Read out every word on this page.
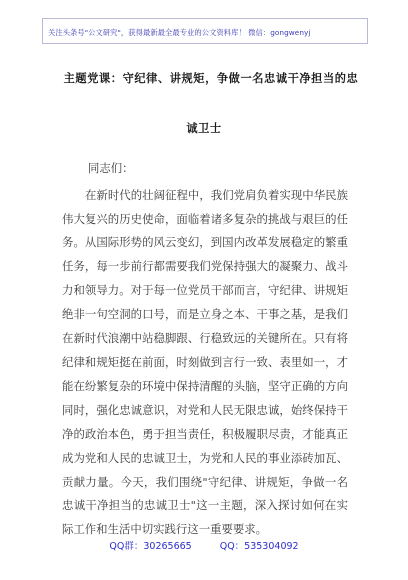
关注头条号"公文研究"，获得最新最全最专业的公文资料库！ 微信：gongwenyj
主题党课：守纪律、讲规矩，争做一名忠诚干净担当的忠
诚卫士
同志们：
在新时代的壮阔征程中，我们党肩负着实现中华民族
伟大复兴的历史使命，面临着诸多复杂的挑战与艰巨的任
务。从国际形势的风云变幻，到国内改革发展稳定的繁重
任务，每一步前行都需要我们党保持强大的凝聚力、战斗
力和领导力。对于每一位党员干部而言，守纪律、讲规矩
绝非一句空洞的口号，而是立身之本、干事之基，是我们
在新时代浪潮中站稳脚跟、行稳致远的关键所在。只有将
纪律和规矩挺在前面，时刻做到言行一致、表里如一，才
能在纷繁复杂的环境中保持清醒的头脑，坚守正确的方向
同时，强化忠诚意识，对党和人民无限忠诚，始终保持干
净的政治本色，勇于担当责任，积极履职尽责，才能真正
成为党和人民的忠诚卫士，为党和人民的事业添砖加瓦、
贡献力量。今天，我们围绕"守纪律、讲规矩，争做一名
忠诚干净担当的忠诚卫士"这一主题，深入探讨如何在实
际工作和生活中切实践行这一重要要求。
QQ群：30265665	QQ：535304092
